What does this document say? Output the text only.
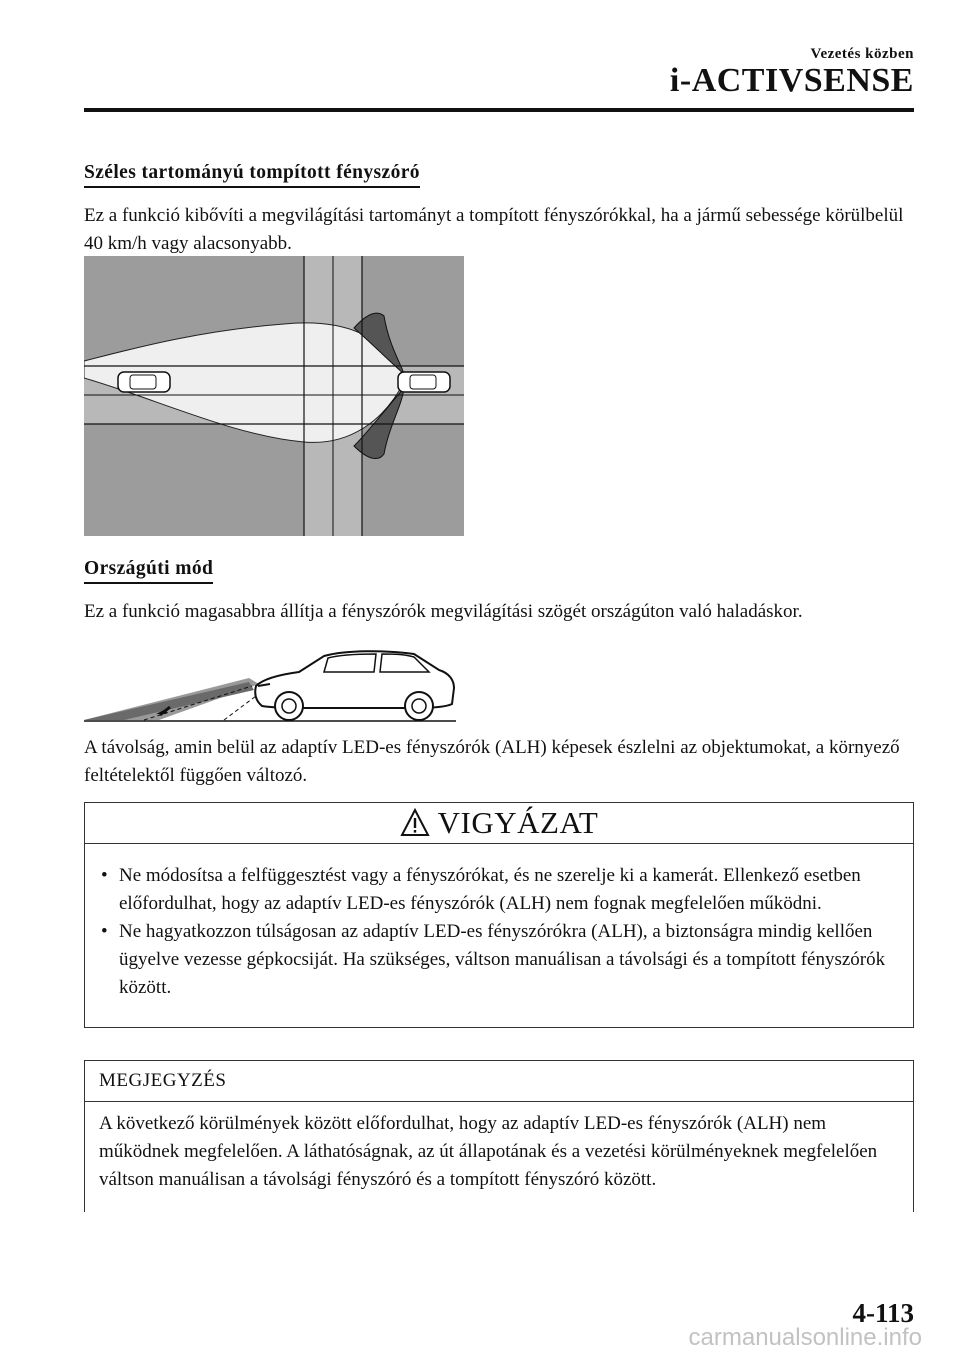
Vezetés közben
i-ACTIVSENSE
Széles tartományú tompított fényszóró
Ez a funkció kibővíti a megvilágítási tartományt a tompított fényszórókkal, ha a jármű sebessége körülbelül 40 km/h vagy alacsonyabb.
Országúti mód
Ez a funkció magasabbra állítja a fényszórók megvilágítási szögét országúton való haladáskor.
A távolság, amin belül az adaptív LED-es fényszórók (ALH) képesek észlelni az objektumokat, a környező feltételektől függően változó.
VIGYÁZAT
• Ne módosítsa a felfüggesztést vagy a fényszórókat, és ne szerelje ki a kamerát. Ellenkező esetben előfordulhat, hogy az adaptív LED-es fényszórók (ALH) nem fognak megfelelően működni.
• Ne hagyatkozzon túlságosan az adaptív LED-es fényszórókra (ALH), a biztonságra mindig kellően ügyelve vezesse gépkocsiját. Ha szükséges, váltson manuálisan a távolsági és a tompított fényszórók között.
MEGJEGYZÉS
A következő körülmények között előfordulhat, hogy az adaptív LED-es fényszórók (ALH) nem működnek megfelelően. A láthatóságnak, az út állapotának és a vezetési körülményeknek megfelelően váltson manuálisan a távolsági fényszóró és a tompított fényszóró között.
4-113
carmanualsonline.info
